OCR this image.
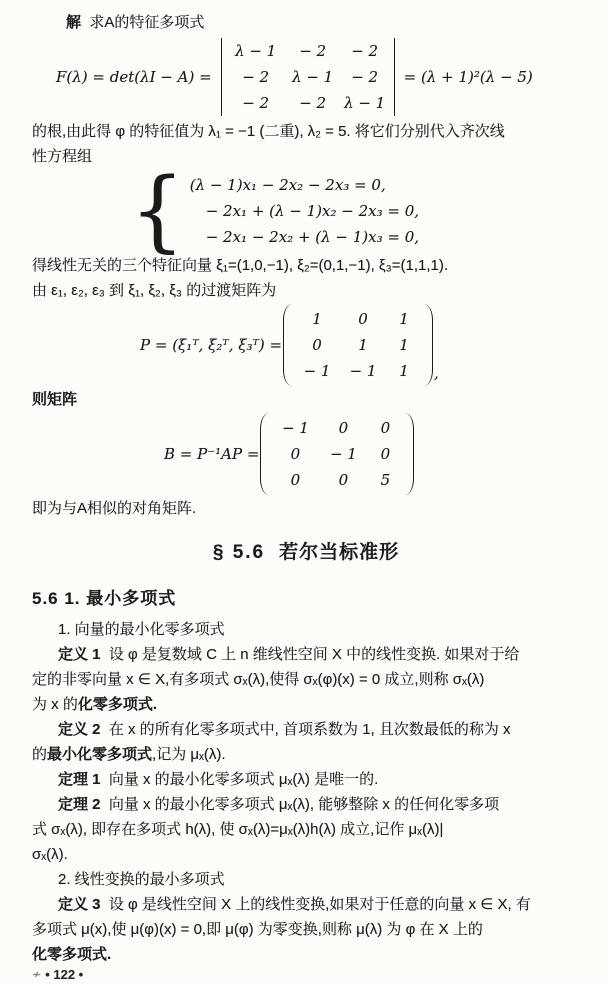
解  求A的特征多项式
F(λ) = det(λI − A) =
λ − 1	− 2	− 2
− 2	λ − 1	− 2
− 2	− 2	λ − 1
= (λ + 1)²(λ − 5)
的根,由此得 φ 的特征值为 λ₁ = −1 (二重), λ₂ = 5. 将它们分别代入齐次线
性方程组
{ (λ − 1)x₁ − 2x₂ − 2x₃ = 0,
− 2x₁ + (λ − 1)x₂ − 2x₃ = 0,
− 2x₁ − 2x₂ + (λ − 1)x₃ = 0,
得线性无关的三个特征向量 ξ₁=(1,0,−1), ξ₂=(0,1,−1), ξ₃=(1,1,1).
由 ε₁, ε₂, ε₃ 到 ξ₁, ξ₂, ξ₃ 的过渡矩阵为
P = (ξ₁ᵀ, ξ₂ᵀ, ξ₃ᵀ) =
1	0	1
0	1	1
− 1	− 1	1	,
则矩阵
B = P⁻¹AP =
− 1	0	0
0	− 1	0
0	0	5
即为与A相似的对角矩阵.
§ 5.6 若尔当标准形
5.6 1. 最小多项式
1. 向量的最小化零多项式
定义 1  设 φ 是复数域 C 上 n 维线性空间 X 中的线性变换. 如果对于给
定的非零向量 x ∈ X,有多项式 σₓ(λ),使得 σₓ(φ)(x) = 0 成立,则称 σₓ(λ)
为 x 的化零多项式.
定义 2  在 x 的所有化零多项式中, 首项系数为 1, 且次数最低的称为 x
的最小化零多项式,记为 μₓ(λ).
定理 1  向量 x 的最小化零多项式 μₓ(λ) 是唯一的.
定理 2  向量 x 的最小化零多项式 μₓ(λ), 能够整除 x 的任何化零多项
式 σₓ(λ), 即存在多项式 h(λ), 使 σₓ(λ)=μₓ(λ)h(λ) 成立,记作 μₓ(λ)|
σₓ(λ).
2. 线性变换的最小多项式
定义 3  设 φ 是线性空间 X 上的线性变换,如果对于任意的向量 x ∈ X, 有
多项式 μ(x),使 μ(φ)(x) = 0,即 μ(φ) 为零变换,则称 μ(λ) 为 φ 在 X 上的
化零多项式.
≁ • 122 •
